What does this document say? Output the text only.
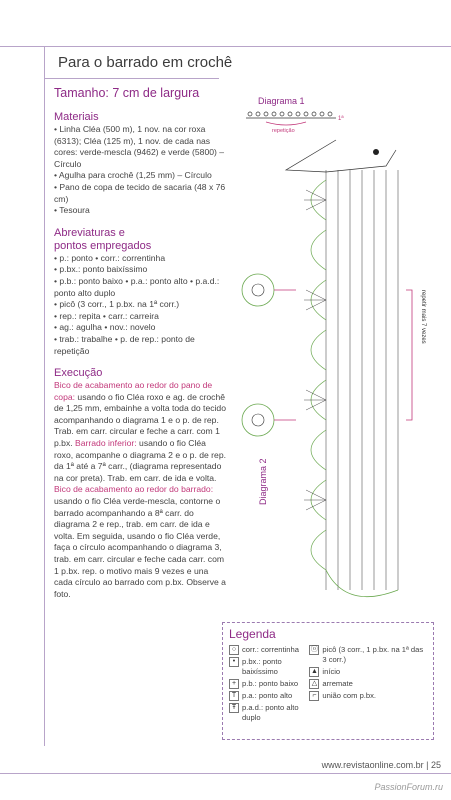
Para o barrado em crochê
Tamanho: 7 cm de largura
Materiais
• Linha Cléa (500 m), 1 nov. na cor roxa (6313); Cléa (125 m), 1 nov. de cada nas cores: verde-mescla (9462) e verde (5800) – Círculo
• Agulha para crochê (1,25 mm) – Círculo
• Pano de copa de tecido de sacaria (48 x 76 cm)
• Tesoura
Abreviaturas e
pontos empregados
• p.: ponto • corr.: correntinha
• p.bx.: ponto baixíssimo
• p.b.: ponto baixo • p.a.: ponto alto • p.a.d.: ponto alto duplo
• picô (3 corr., 1 p.bx. na 1ª corr.)
• rep.: repita • carr.: carreira
• ag.: agulha • nov.: novelo
• trab.: trabalhe • p. de rep.: ponto de repetição
Execução

Bico de acabamento ao redor do pano de copa: usando o fio Cléa roxo e ag. de crochê de 1,25 mm, embainhe a volta toda do tecido acompanhando o diagrama 1 e o p. de rep. Trab. em carr. circular e feche a carr. com 1 p.bx. Barrado inferior: usando o fio Cléa roxo, acompanhe o diagrama 2 e o p. de rep. da 1ª até a 7ª carr., (diagrama representado na cor preta). Trab. em carr. de ida e volta.

Bico de acabamento ao redor do barrado: usando o fio Cléa verde-mescla, contorne o barrado acompanhando a 8ª carr. do diagrama 2 e rep., trab. em carr. de ida e volta. Em seguida, usando o fio Cléa verde, faça o círculo acompanhando o diagrama 3, trab. em carr. circular e feche cada carr. com 1 p.bx. rep. o motivo mais 9 vezes e una cada círculo ao barrado com p.bx. Observe a foto.

Diagrama 1
1ª
repetição
repetir mais 7 vezes
Diagrama 2
Legenda
○ corr.: correntinha
• p.bx.: ponto baixíssimo
+ p.b.: ponto baixo
T p.a.: ponto alto
Ŧ p.a.d.: ponto alto duplo
ⓞ picô (3 corr., 1 p.bx. na 1ª das 3 corr.)
▲ início
△ arremate
⌐ união com p.bx.
www.revistaonline.com.br | 25
PassionForum.ru
